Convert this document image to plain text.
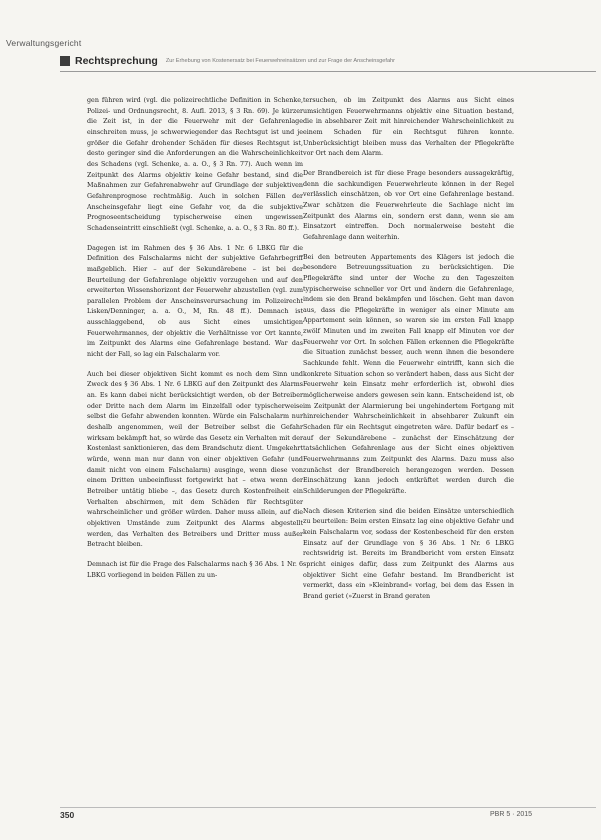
Verwaltungsgericht
Rechtsprechung Zur Erhebung von Kostenersatz bei Feuerwehreinsätzen und zur Frage der Anscheinsgefahr

gen führen wird (vgl. die polizeirechtliche Definition in Schenke, Polizei- und Ordnungsrecht, 8. Aufl. 2013, § 3 Rn. 69). Je kürzer die Zeit ist, in der die Feuerwehr mit der Gefahrenlage einschreiten muss, je schwerwiegender das Rechtsgut ist und je größer die Gefahr drohender Schäden für dieses Rechtsgut ist, desto geringer sind die Anforderungen an die Wahrscheinlichkeit des Schadens (vgl. Schenke, a. a. O., § 3 Rn. 77). Auch wenn im Zeitpunkt des Alarms objektiv keine Gefahr bestand, sind die Maßnahmen zur Gefahrenabwehr auf Grundlage der subjektiven Gefahrenprognose rechtmäßig. Auch in solchen Fällen der Anscheinsgefahr liegt eine Gefahr vor, da die subjektive Prognoseentscheidung typischerweise einen ungewissen Schadenseintritt einschließt (vgl. Schenke, a. a. O., § 3 Rn. 80 ff.).

Dagegen ist im Rahmen des § 36 Abs. 1 Nr. 6 LBKG für die Definition des Falschalarms nicht der subjektive Gefahrbegriff maßgeblich. Hier – auf der Sekundärebene – ist bei der Beurteilung der Gefahrenlage objektiv vorzugehen und auf den erweiterten Wissenshorizont der Feuerwehr abzustellen (vgl. zum parallelen Problem der Anscheinsverursachung im Polizeirecht Lisken/Denninger, a. a. O., M, Rn. 48 ff.). Demnach ist ausschlaggebend, ob aus Sicht eines umsichtigen Feuerwehrmannes, der objektiv die Verhältnisse vor Ort kannte, im Zeitpunkt des Alarms eine Gefahrenlage bestand. War das nicht der Fall, so lag ein Falschalarm vor.

Auch bei dieser objektiven Sicht kommt es noch dem Sinn und Zweck des § 36 Abs. 1 Nr. 6 LBKG auf den Zeitpunkt des Alarms an. Es kann dabei nicht berücksichtigt werden, ob der Betreiber oder Dritte nach dem Alarm im Einzelfall oder typischerweise selbst die Gefahr abwenden konnten. Würde ein Falschalarm nur deshalb angenommen, weil der Betreiber selbst die Gefahr wirksam bekämpft hat, so würde das Gesetz ein Verhalten mit der Kostenlast sanktionieren, das dem Brandschutz dient. Umgekehrt würde, wenn man nur dann von einer objektiven Gefahr (und damit nicht von einem Falschalarm) ausginge, wenn diese von einem Dritten unbeeinflusst fortgewirkt hat – etwa wenn der Betreiber untätig bliebe –, das Gesetz durch Kostenfreiheit ein Verhalten abschirmen, mit dem Schäden für Rechtsgüter wahrscheinlicher und größer würden. Daher muss allein, auf die objektiven Umstände zum Zeitpunkt des Alarms abgestellt werden, das Verhalten des Betreibers und Dritter muss außer Betracht bleiben.

Demnach ist für die Frage des Falschalarms nach § 36 Abs. 1 Nr. 6 LBKG vorliegend in beiden Fällen zu un-

tersuchen, ob im Zeitpunkt des Alarms aus Sicht eines umsichtigen Feuerwehrmanns objektiv eine Situation bestand, die in absehbarer Zeit mit hinreichender Wahrscheinlichkeit zu einem Schaden für ein Rechtsgut führen konnte. Unberücksichtigt bleiben muss das Verhalten der Pflegekräfte vor Ort nach dem Alarm.

Der Brandbereich ist für diese Frage besonders aussagekräftig, denn die sachkundigen Feuerwehrleute können in der Regel verlässlich einschätzen, ob vor Ort eine Gefahrenlage bestand. Zwar schätzen die Feuerwehrleute die Sachlage nicht im Zeitpunkt des Alarms ein, sondern erst dann, wenn sie am Einsatzort eintreffen. Doch normalerweise besteht die Gefahrenlage dann weiterhin.

Bei den betreuten Appartements des Klägers ist jedoch die besondere Betreuungssituation zu berücksichtigen. Die Pflegekräfte sind unter der Woche zu den Tageszeiten typischerweise schneller vor Ort und ändern die Gefahrenlage, indem sie den Brand bekämpfen und löschen. Geht man davon aus, dass die Pflegekräfte in weniger als einer Minute am Appartement sein können, so waren sie im ersten Fall knapp zwölf Minuten und im zweiten Fall knapp elf Minuten vor der Feuerwehr vor Ort. In solchen Fällen erkennen die Pflegekräfte die Situation zunächst besser, auch wenn ihnen die besondere Sachkunde fehlt. Wenn die Feuerwehr eintrifft, kann sich die konkrete Situation schon so verändert haben, dass aus Sicht der Feuerwehr kein Einsatz mehr erforderlich ist, obwohl dies möglicherweise anders gewesen sein kann. Entscheidend ist, ob im Zeitpunkt der Alarmierung bei ungehindertem Fortgang mit hinreichender Wahrscheinlichkeit in absehbarer Zukunft ein Schaden für ein Rechtsgut eingetreten wäre. Dafür bedarf es – auf der Sekundärebene – zunächst der Einschätzung der tatsächlichen Gefahrenlage aus der Sicht eines objektiven Feuerwehrmanns zum Zeitpunkt des Alarms. Dazu muss also zunächst der Brandbereich herangezogen werden. Dessen Einschätzung kann jedoch entkräftet werden durch die Schilderungen der Pflegekräfte.

Nach diesen Kriterien sind die beiden Einsätze unterschiedlich zu beurteilen: Beim ersten Einsatz lag eine objektive Gefahr und kein Falschalarm vor, sodass der Kostenbescheid für den ersten Einsatz auf der Grundlage von § 36 Abs. 1 Nr. 6 LBKG rechtswidrig ist. Bereits im Brandbericht vom ersten Einsatz spricht einiges dafür, dass zum Zeitpunkt des Alarms aus objektiver Sicht eine Gefahr bestand. Im Brandbericht ist vermerkt, dass ein »Kleinbrand« vorlag, bei dem das Essen in Brand geriet (»Zuerst in Brand geraten

350	PBR 5 · 2015
